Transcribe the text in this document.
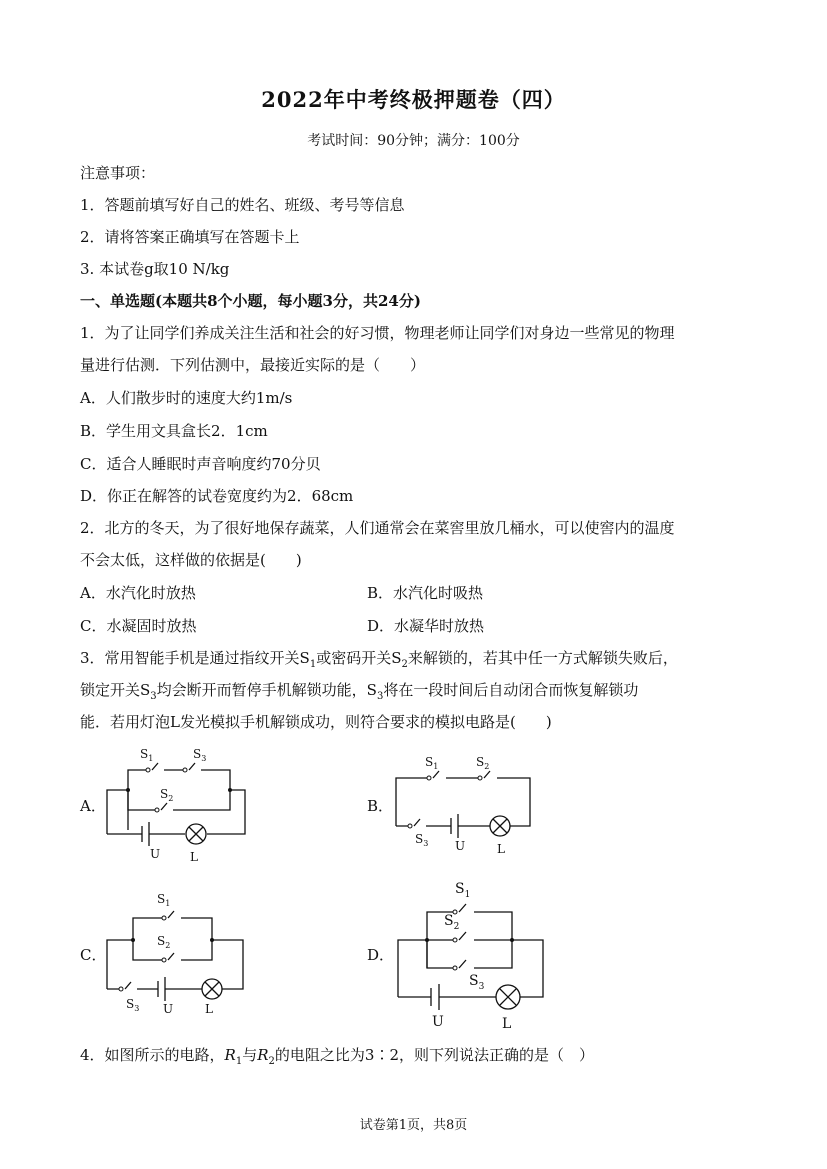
2022年中考终极押题卷（四）
考试时间：90分钟；满分：100分
注意事项：
1．答题前填写好自己的姓名、班级、考号等信息
2．请将答案正确填写在答题卡上
3. 本试卷g取10 N/kg
一、单选题(本题共8个小题，每小题3分，共24分)
1．为了让同学们养成关注生活和社会的好习惯，物理老师让同学们对身边一些常见的物理
量进行估测．下列估测中，最接近实际的是（　　）
A．人们散步时的速度大约1m/s
B．学生用文具盒长2．1cm
C．适合人睡眠时声音响度约70分贝
D．你正在解答的试卷宽度约为2．68cm
2．北方的冬天，为了很好地保存蔬菜，人们通常会在菜窖里放几桶水，可以使窖内的温度
不会太低，这样做的依据是(　　)
A．水汽化时放热	B．水汽化时吸热
C．水凝固时放热	D．水凝华时放热
3．常用智能手机是通过指纹开关$S_1$或密码开关$S_2$来解锁的，若其中任一方式解锁失败后，
锁定开关$S_3$均会断开而暂停手机解锁功能，$S_3$将在一段时间后自动闭合而恢复解锁功
能．若用灯泡L发光模拟手机解锁成功，则符合要求的模拟电路是(　　)
A．	B．
C．	D．
$S_1$	$S_3$
$S_2$
U L
$S_1$	$S_2$
$S_3$ U	L
$S_1$
$S_2$
$S_3$ U	L
$S_1$
$S_2$
$S_3$
U	L
4．如图所示的电路，$R_1$与$R_2$的电阻之比为3∶2，则下列说法正确的是（　）
试卷第1页，共8页
